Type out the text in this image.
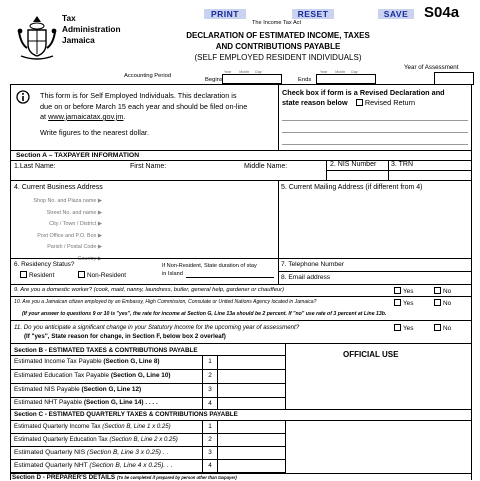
Tax
Administration
Jamaica
PRINT	RESET	SAVE	S04a
The Income Tax Act
DECLARATION OF ESTIMATED INCOME, TAXES
AND CONTRIBUTIONS PAYABLE
(SELF EMPLOYED RESIDENT INDIVIDUALS)
Year of Assessment
Accounting Period
Begins
Year Month Day
Ends
Year Month Day
This form is for Self Employed Individuals. This declaration is
due on or before March 15 each year and should be filed on-line
at www.jamaicatax.gov.jm.
Write figures to the nearest dollar.
Check box if form is a Revised Declaration and
state reason below Revised Return
Section A – TAXPAYER INFORMATION
1.Last Name:	First Name:	Middle Name:	2. NIS Number 3. TRN
4. Current Business Address	5. Current Mailing Address (if different from 4)
Shop No. and Plaza name ▶
Street No. and name ▶
City / Town / District ▶
Post Office and P.O. Box ▶
Parish / Postal Code ▶
Country ▶
6. Residency Status?
Resident	Non-Resident
If Non-Resident, State duration of stay
in Island
7. Telephone Number
8. Email address
9. Are you a domestic worker? (cook, maid, nanny, laundress, butler, general help, gardener or chauffeur)	Yes	No
10. Are you a Jamaican citizen employed by an Embassy, High Commission, Consulate or United Nations Agency located in Jamaica?	Yes	No
(If your answer to questions 9 or 10 is "yes", the rate for income at Section G, Line 13a should be 2 percent. If "no" use rate of 3 percent at Line 13b.
11. Do you anticipate a significant change in your Statutory Income for the upcoming year of assessment?	Yes	No
(If "yes", State reason for change, in Section F, below box 2 overleaf)
Section B - ESTIMATED TAXES & CONTRIBUTIONS PAYABLE	OFFICIAL USE
Estimated Income Tax Payable (Section G, Line 8)	1
Estimated Education Tax Payable (Section G, Line 10)	2
Estimated NIS Payable (Section G, Line 12)	3
Estimated NHT Payable (Section G, Line 14) . . . .	4
Section C - ESTIMATED QUARTERLY TAXES & CONTRIBUTIONS PAYABLE
Estimated Quarterly Income Tax (Section B, Line 1 x 0.25)	1
Estimated Quarterly Education Tax (Section B, Line 2 x 0.25)	2
Estimated Quarterly NIS (Section B, Line 3 x 0.25) . .	3
Estimated Quarterly NHT (Section B, Line 4 x 0.25). . .	4
Section D - PREPARER'S DETAILS (To be completed if prepared by person other than taxpayer)
